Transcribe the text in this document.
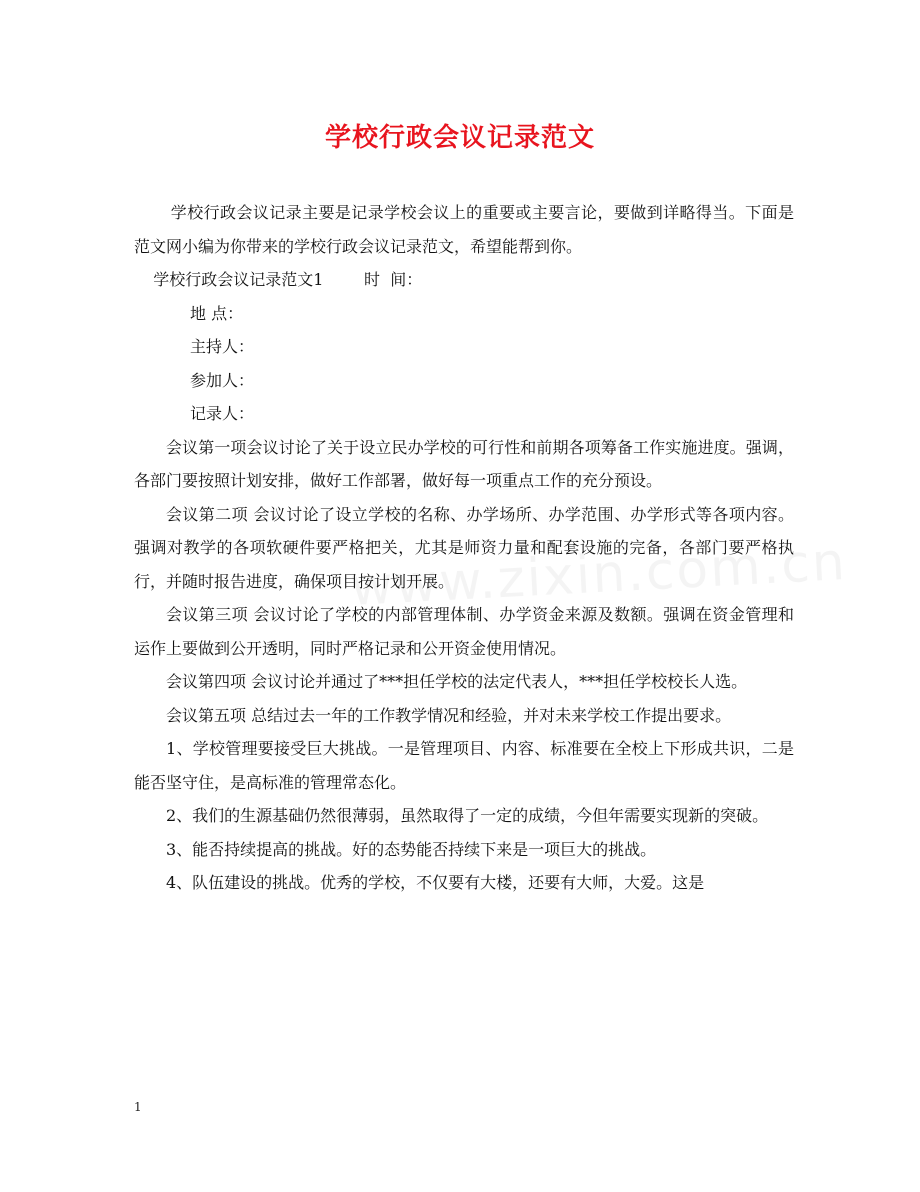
学校行政会议记录范文

学校行政会议记录主要是记录学校会议上的重要或主要言论，要做到详略得当。下面是范文网小编为你带来的学校行政会议记录范文，希望能帮到你。

学校行政会议记录范文1        时  间：

地 点：

主持人：

参加人：

记录人：

会议第一项会议讨论了关于设立民办学校的可行性和前期各项筹备工作实施进度。强调，各部门要按照计划安排，做好工作部署，做好每一项重点工作的充分预设。

会议第二项 会议讨论了设立学校的名称、办学场所、办学范围、办学形式等各项内容。强调对教学的各项软硬件要严格把关，尤其是师资力量和配套设施的完备，各部门要严格执行，并随时报告进度，确保项目按计划开展。

会议第三项 会议讨论了学校的内部管理体制、办学资金来源及数额。强调在资金管理和运作上要做到公开透明，同时严格记录和公开资金使用情况。

会议第四项 会议讨论并通过了***担任学校的法定代表人，***担任学校校长人选。

会议第五项 总结过去一年的工作教学情况和经验，并对未来学校工作提出要求。

1、学校管理要接受巨大挑战。一是管理项目、内容、标准要在全校上下形成共识，二是能否坚守住，是高标准的管理常态化。

2、我们的生源基础仍然很薄弱，虽然取得了一定的成绩，今但年需要实现新的突破。

3、能否持续提高的挑战。好的态势能否持续下来是一项巨大的挑战。

4、队伍建设的挑战。优秀的学校，不仅要有大楼，还要有大师，大爱。这是

1
